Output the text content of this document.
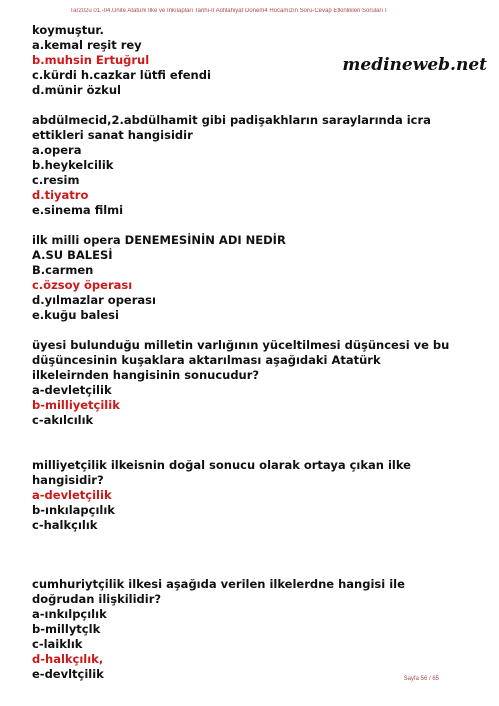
Tar202u 01.-04.Ünite Atatürk İlke ve İnkılapları Tarihi-II Aofilahiyat Donem4 Hocamızın Soru-Cevap Etkinlikleri Soruları´İ
medineweb.net

koymuştur.

a.kemal reşit rey

b.muhsin Ertuğrul

c.kürdi h.cazkar lütfi efendi

d.münir özkul

abdülmecid,2.abdülhamit gibi padişakhların saraylarında icra

ettikleri sanat hangisidir

a.opera

b.heykelcilik

c.resim

d.tiyatro

e.sinema filmi

ilk milli opera DENEMESİNİN ADI NEDİR

A.SU BALESİ

B.carmen

c.özsoy öperası

d.yılmazlar operası

e.kuğu balesi

üyesi bulunduğu milletin varlığının yüceltilmesi düşüncesi ve bu

düşüncesinin kuşaklara aktarılması aşağıdaki Atatürk

ilkeleirnden hangisinin sonucudur?

a-devletçilik

b-milliyetçilik

c-akılcılık

milliyetçilik ilkeisnin doğal sonucu olarak ortaya çıkan ilke

hangisidir?

a-devletçilik

b-ınkılapçılık

c-halkçılık

cumhuriytçilik ilkesi aşağıda verilen ilkelerdne hangisi ile

doğrudan ilişkilidir?

a-ınkılpçılık

b-millytçlk

c-laiklık

d-halkçılık,

e-devltçilik	Sayfa 56 / 65
